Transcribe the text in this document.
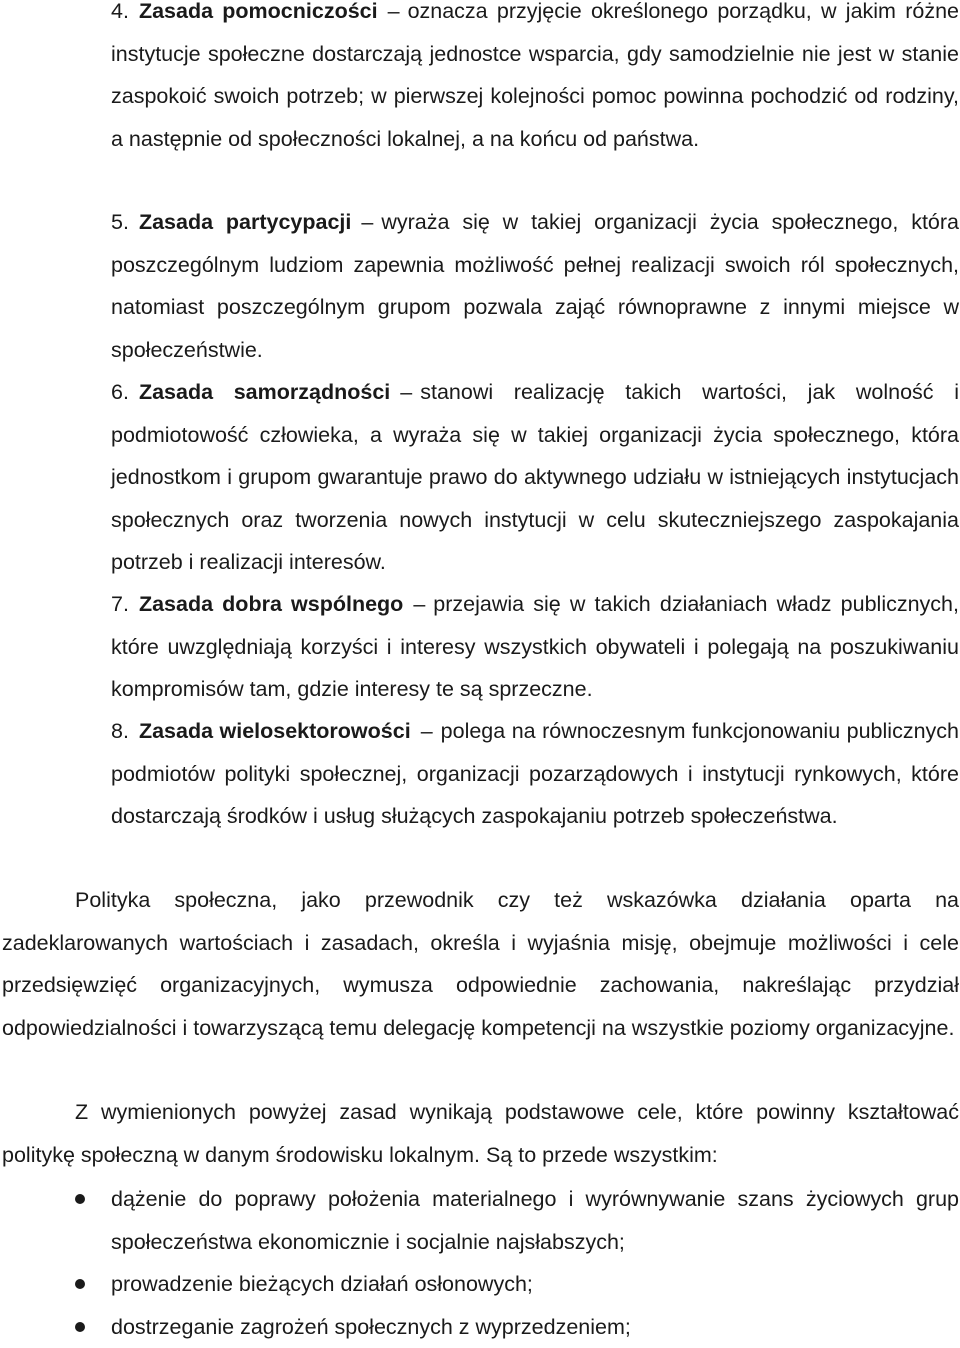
4. Zasada pomocniczości – oznacza przyjęcie określonego porządku, w jakim różne instytucje społeczne dostarczają jednostce wsparcia, gdy samodzielnie nie jest w stanie zaspokoić swoich potrzeb; w pierwszej kolejności pomoc powinna pochodzić od rodziny, a następnie od społeczności lokalnej, a na końcu od państwa.

5. Zasada partycypacji – wyraża się w takiej organizacji życia społecznego, która poszczególnym ludziom zapewnia możliwość pełnej realizacji swoich ról społecznych, natomiast poszczególnym grupom pozwala zająć równoprawne z innymi miejsce w społeczeństwie.

6. Zasada samorządności – stanowi realizację takich wartości, jak wolność i podmiotowość człowieka, a wyraża się w takiej organizacji życia społecznego, która jednostkom i grupom gwarantuje prawo do aktywnego udziału w istniejących instytucjach społecznych oraz tworzenia nowych instytucji w celu skuteczniejszego zaspokajania potrzeb i realizacji interesów.

7. Zasada dobra wspólnego – przejawia się w takich działaniach władz publicznych, które uwzględniają korzyści i interesy wszystkich obywateli i polegają na poszukiwaniu kompromisów tam, gdzie interesy te są sprzeczne.

8. Zasada wielosektorowości – polega na równoczesnym funkcjonowaniu publicznych podmiotów polityki społecznej, organizacji pozarządowych i instytucji rynkowych, które dostarczają środków i usług służących zaspokajaniu potrzeb społeczeństwa.

Polityka społeczna, jako przewodnik czy też wskazówka działania oparta na zadeklarowanych wartościach i zasadach, określa i wyjaśnia misję, obejmuje możliwości i cele przedsięwzięć organizacyjnych, wymusza odpowiednie zachowania, nakreślając przydział odpowiedzialności i towarzyszącą temu delegację kompetencji na wszystkie poziomy organizacyjne.

Z wymienionych powyżej zasad wynikają podstawowe cele, które powinny kształtować politykę społeczną w danym środowisku lokalnym. Są to przede wszystkim:

dążenie do poprawy położenia materialnego i wyrównywanie szans życiowych grup społeczeństwa ekonomicznie i socjalnie najsłabszych;
prowadzenie bieżących działań osłonowych;
dostrzeganie zagrożeń społecznych z wyprzedzeniem;
